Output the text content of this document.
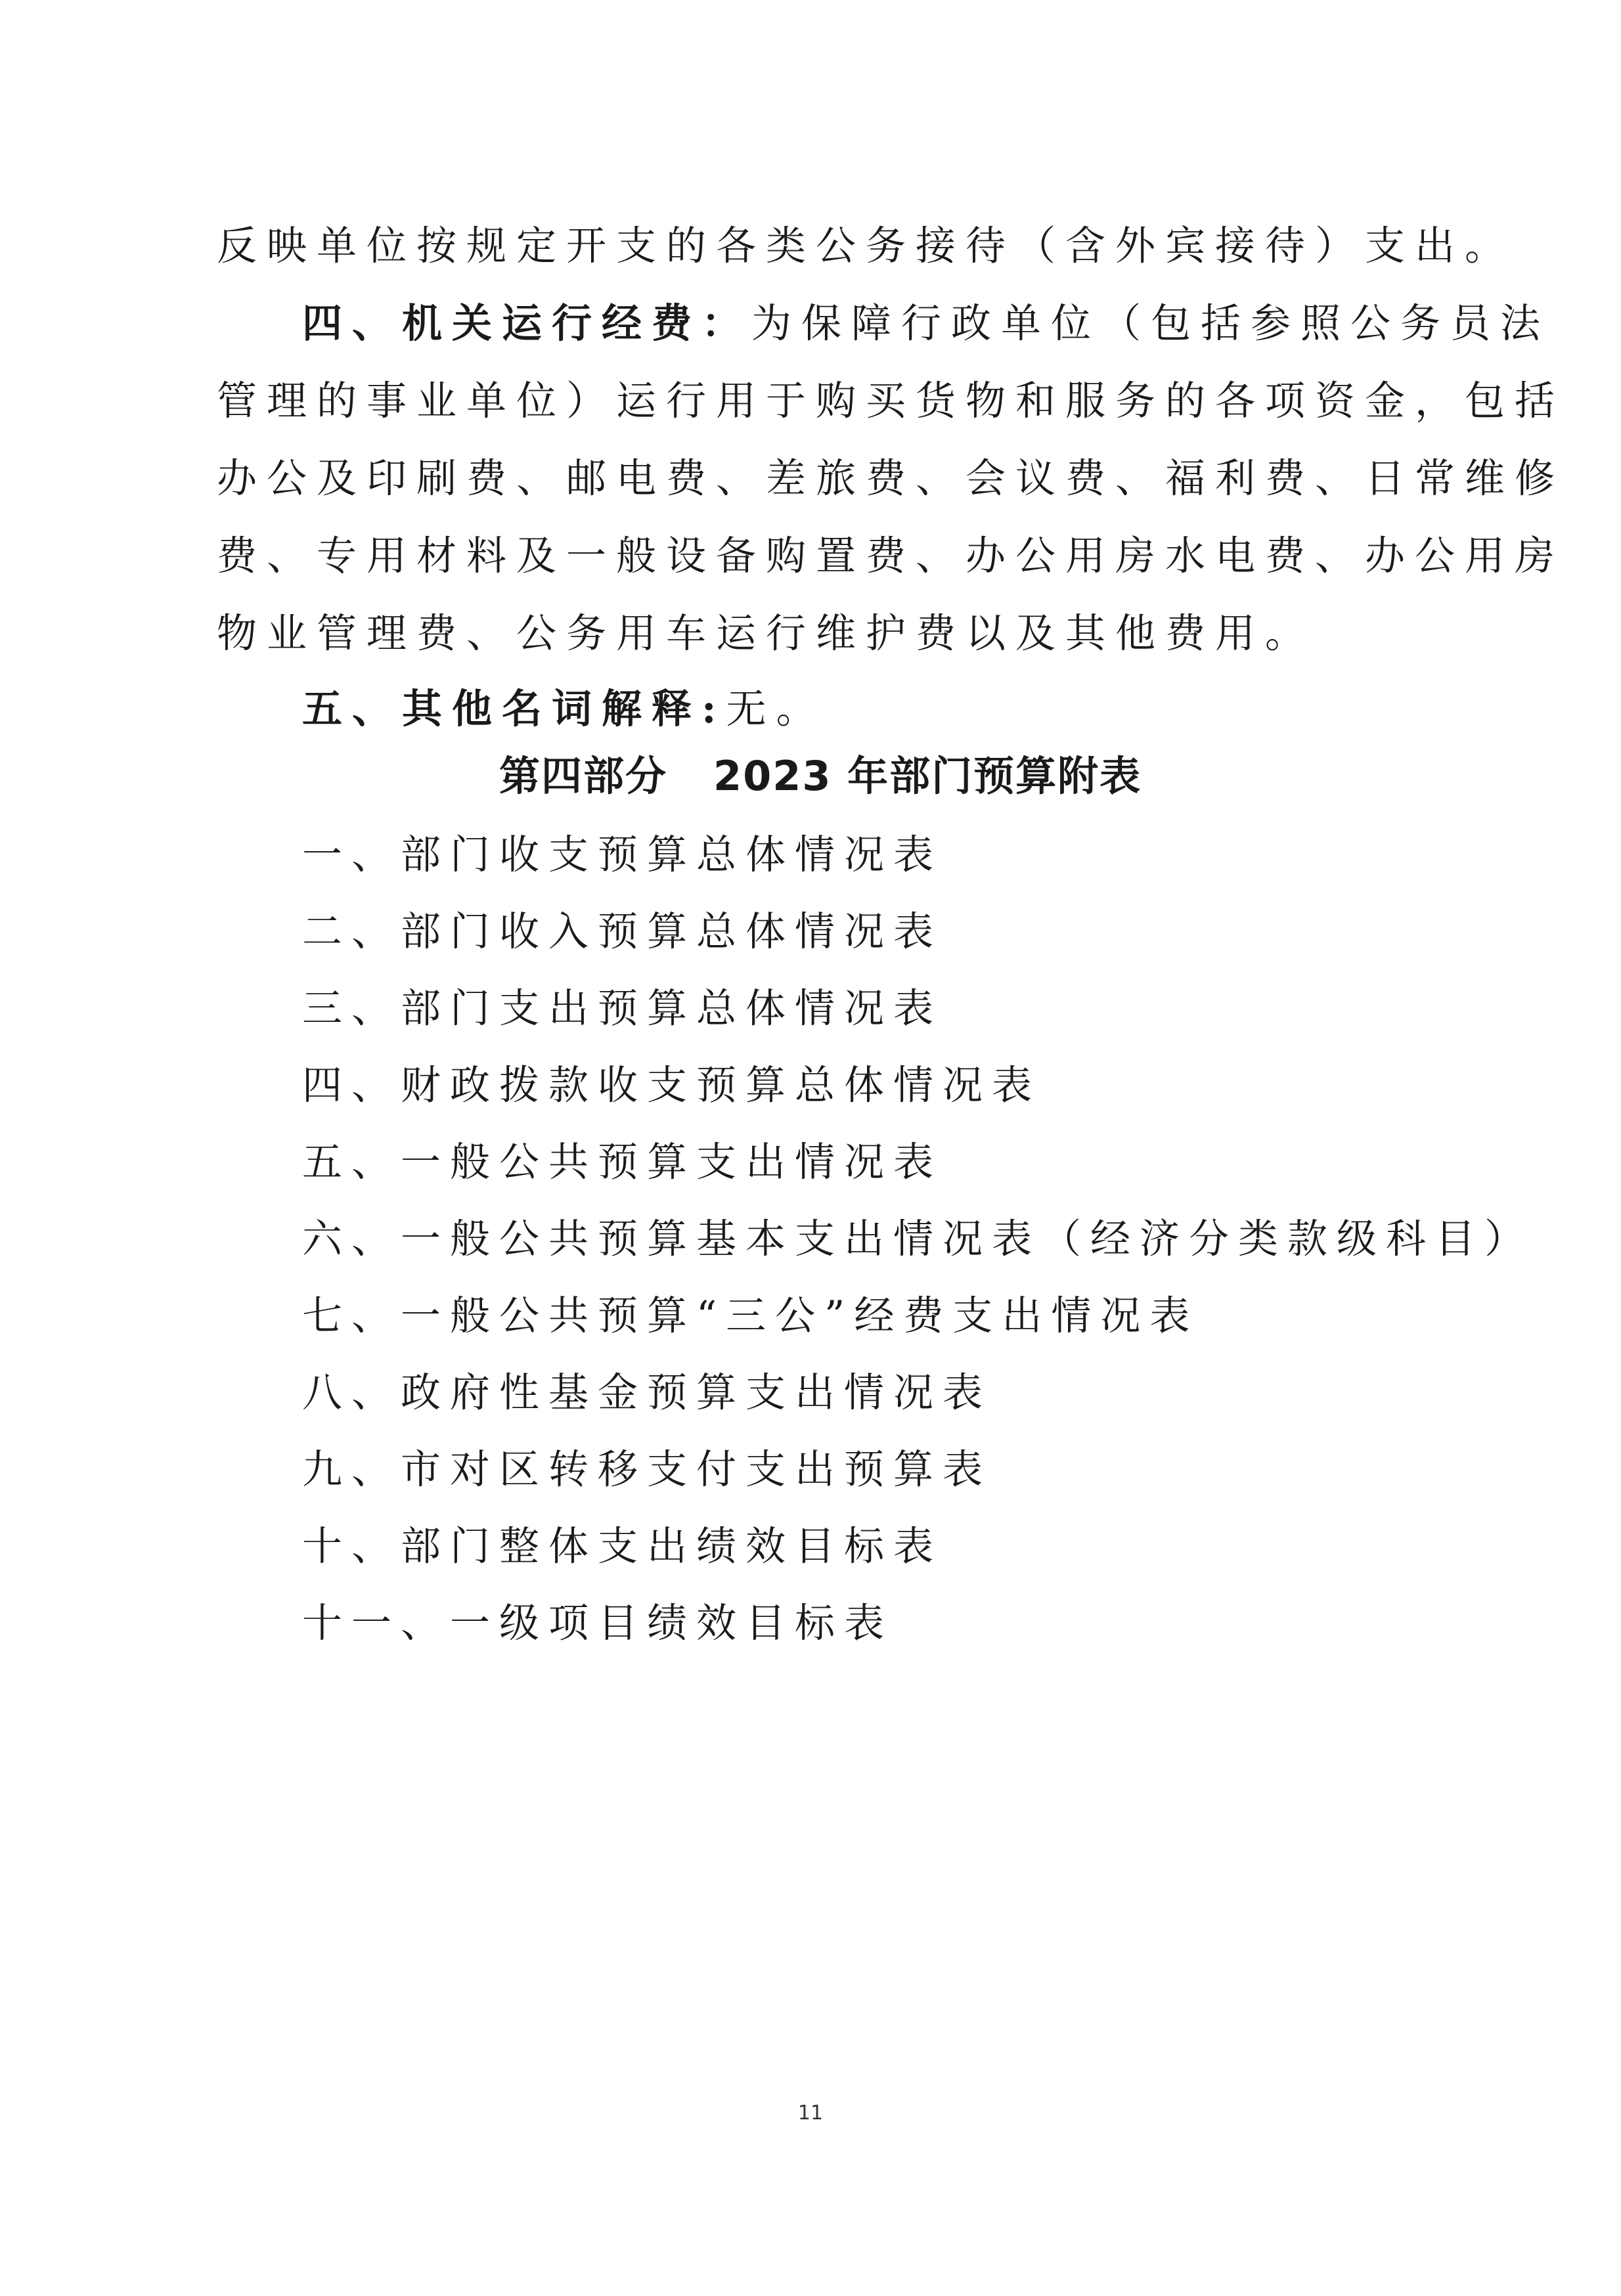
反映单位按规定开支的各类公务接待（含外宾接待）支出。
四、机关运行经费：为保障行政单位（包括参照公务员法
管理的事业单位）运行用于购买货物和服务的各项资金，包括
办公及印刷费、邮电费、差旅费、会议费、福利费、日常维修
费、专用材料及一般设备购置费、办公用房水电费、办公用房
物业管理费、公务用车运行维护费以及其他费用。
五、其他名词解释:无。
第四部分 2023 年部门预算附表
一、部门收支预算总体情况表
二、部门收入预算总体情况表
三、部门支出预算总体情况表
四、财政拨款收支预算总体情况表
五、一般公共预算支出情况表
六、一般公共预算基本支出情况表（经济分类款级科目）
七、一般公共预算“三公”经费支出情况表
八、政府性基金预算支出情况表
九、市对区转移支付支出预算表
十、部门整体支出绩效目标表
十一、一级项目绩效目标表
11
